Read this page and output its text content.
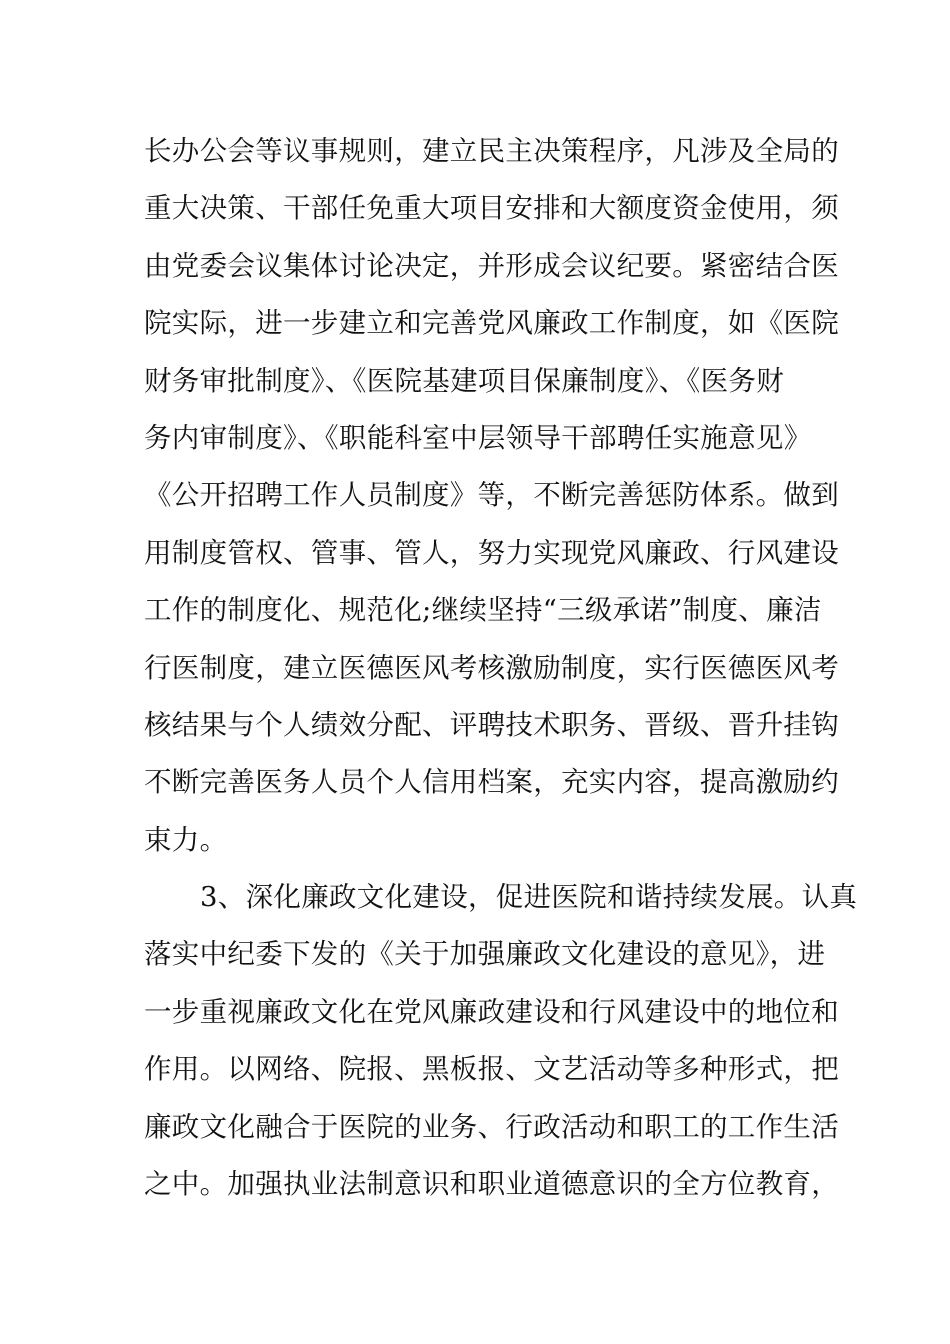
长办公会等议事规则，建立民主决策程序，凡涉及全局的
重大决策、干部任免重大项目安排和大额度资金使用，须
由党委会议集体讨论决定，并形成会议纪要。紧密结合医
院实际，进一步建立和完善党风廉政工作制度，如《医院
财务审批制度》、《医院基建项目保廉制度》、《医务财
务内审制度》、《职能科室中层领导干部聘任实施意见》
《公开招聘工作人员制度》等，不断完善惩防体系。做到
用制度管权、管事、管人，努力实现党风廉政、行风建设
工作的制度化、规范化;继续坚持“三级承诺”制度、廉洁
行医制度，建立医德医风考核激励制度，实行医德医风考
核结果与个人绩效分配、评聘技术职务、晋级、晋升挂钩
不断完善医务人员个人信用档案，充实内容，提高激励约
束力。
3、深化廉政文化建设，促进医院和谐持续发展。认真
落实中纪委下发的《关于加强廉政文化建设的意见》，进
一步重视廉政文化在党风廉政建设和行风建设中的地位和
作用。以网络、院报、黑板报、文艺活动等多种形式，把
廉政文化融合于医院的业务、行政活动和职工的工作生活
之中。加强执业法制意识和职业道德意识的全方位教育，
